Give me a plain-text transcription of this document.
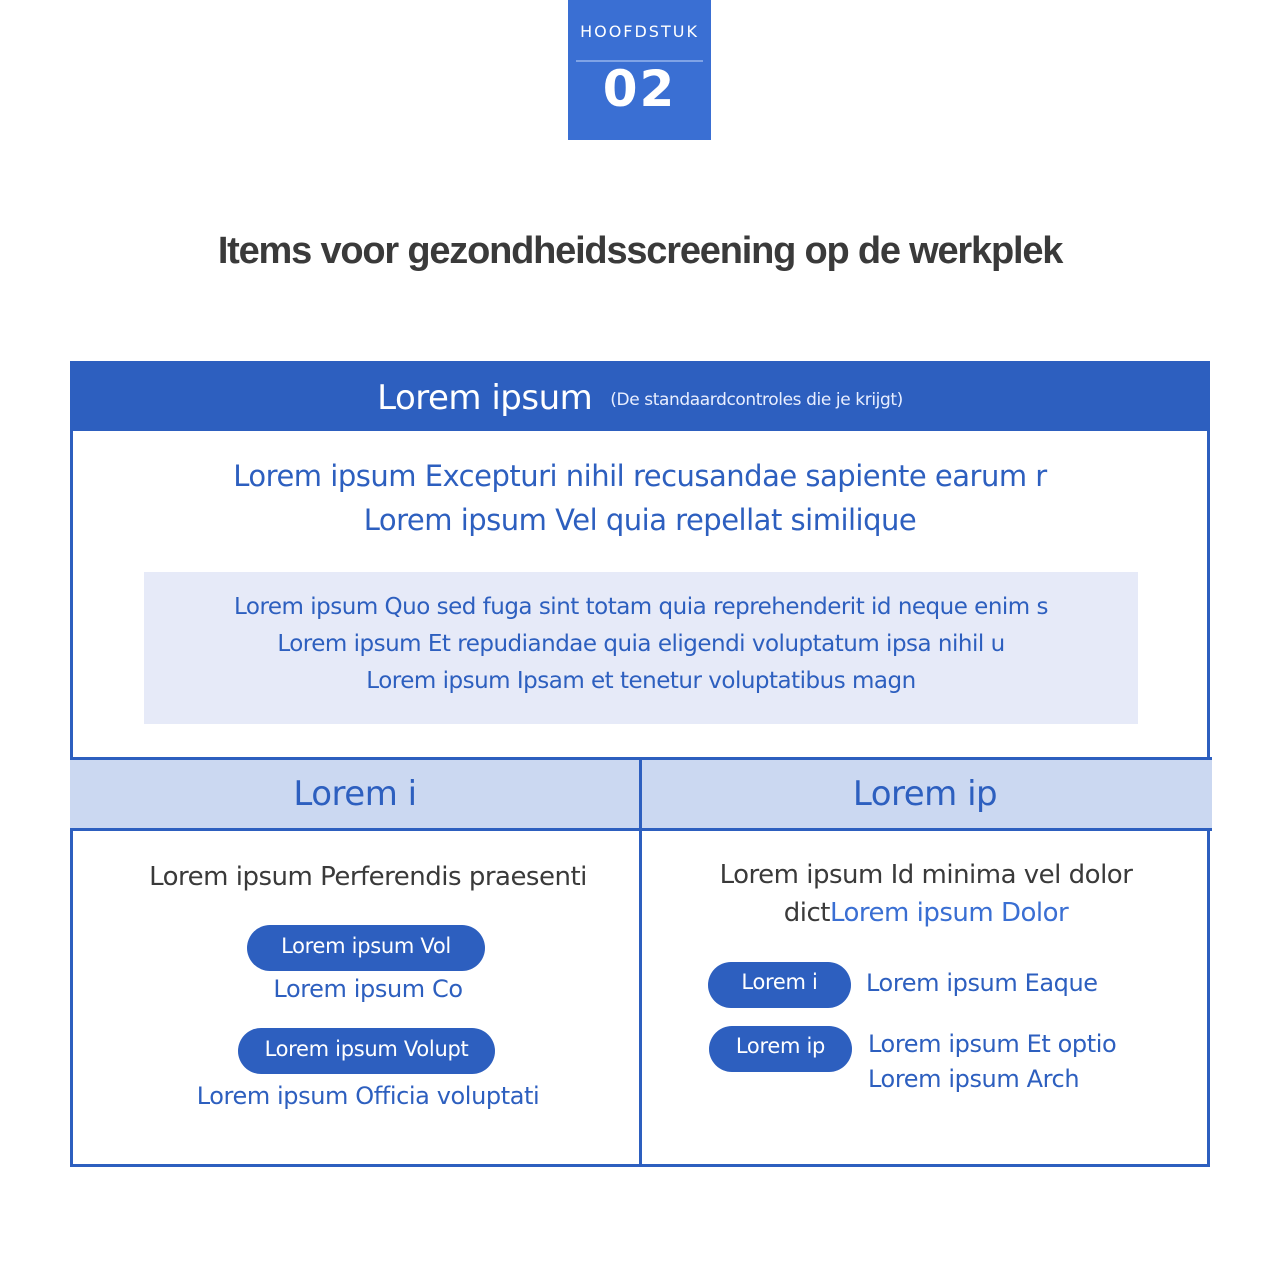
HOOFDSTUK
02
Items voor gezondheidsscreening op de werkplek
Lorem ipsum (De standaardcontroles die je krijgt)
Lorem ipsum Excepturi nihil recusandae sapiente earum r
Lorem ipsum Vel quia repellat similique
Lorem ipsum Quo sed fuga sint totam quia reprehenderit id neque enim s
Lorem ipsum Et repudiandae quia eligendi voluptatum ipsa nihil u
Lorem ipsum Ipsam et tenetur voluptatibus magn
Lorem i	Lorem ip
Lorem ipsum Perferendis praesenti
Lorem ipsum Vol
Lorem ipsum Co
Lorem ipsum Volupt
Lorem ipsum Officia voluptati
Lorem ipsum Id minima vel dolor
dictLorem ipsum Dolor
Lorem i	Lorem ipsum Eaque
Lorem ip	Lorem ipsum Et optio
Lorem ipsum Arch
